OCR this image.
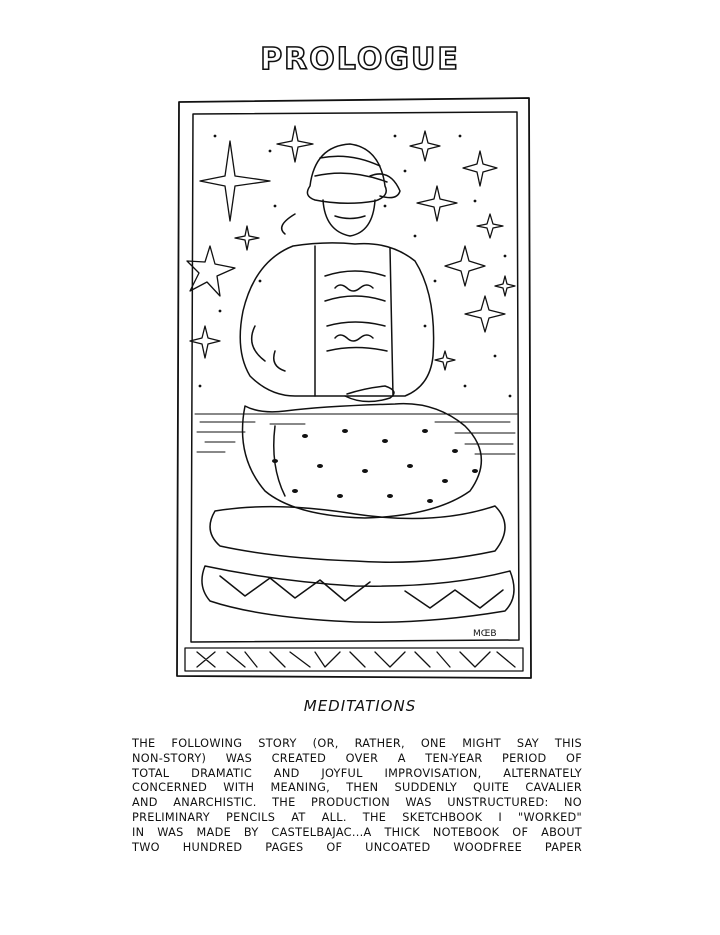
PROLOGUE
MŒB
MEDITATIONS
THE FOLLOWING STORY (OR, RATHER, ONE MIGHT SAY THIS
NON-STORY) WAS CREATED OVER A TEN-YEAR PERIOD OF
TOTAL DRAMATIC AND JOYFUL IMPROVISATION, ALTERNATELY
CONCERNED WITH MEANING, THEN SUDDENLY QUITE CAVALIER
AND ANARCHISTIC. THE PRODUCTION WAS UNSTRUCTURED: NO
PRELIMINARY PENCILS AT ALL. THE SKETCHBOOK I "WORKED"
IN WAS MADE BY CASTELBAJAC...A THICK NOTEBOOK OF ABOUT
TWO HUNDRED PAGES OF UNCOATED WOODFREE PAPER
